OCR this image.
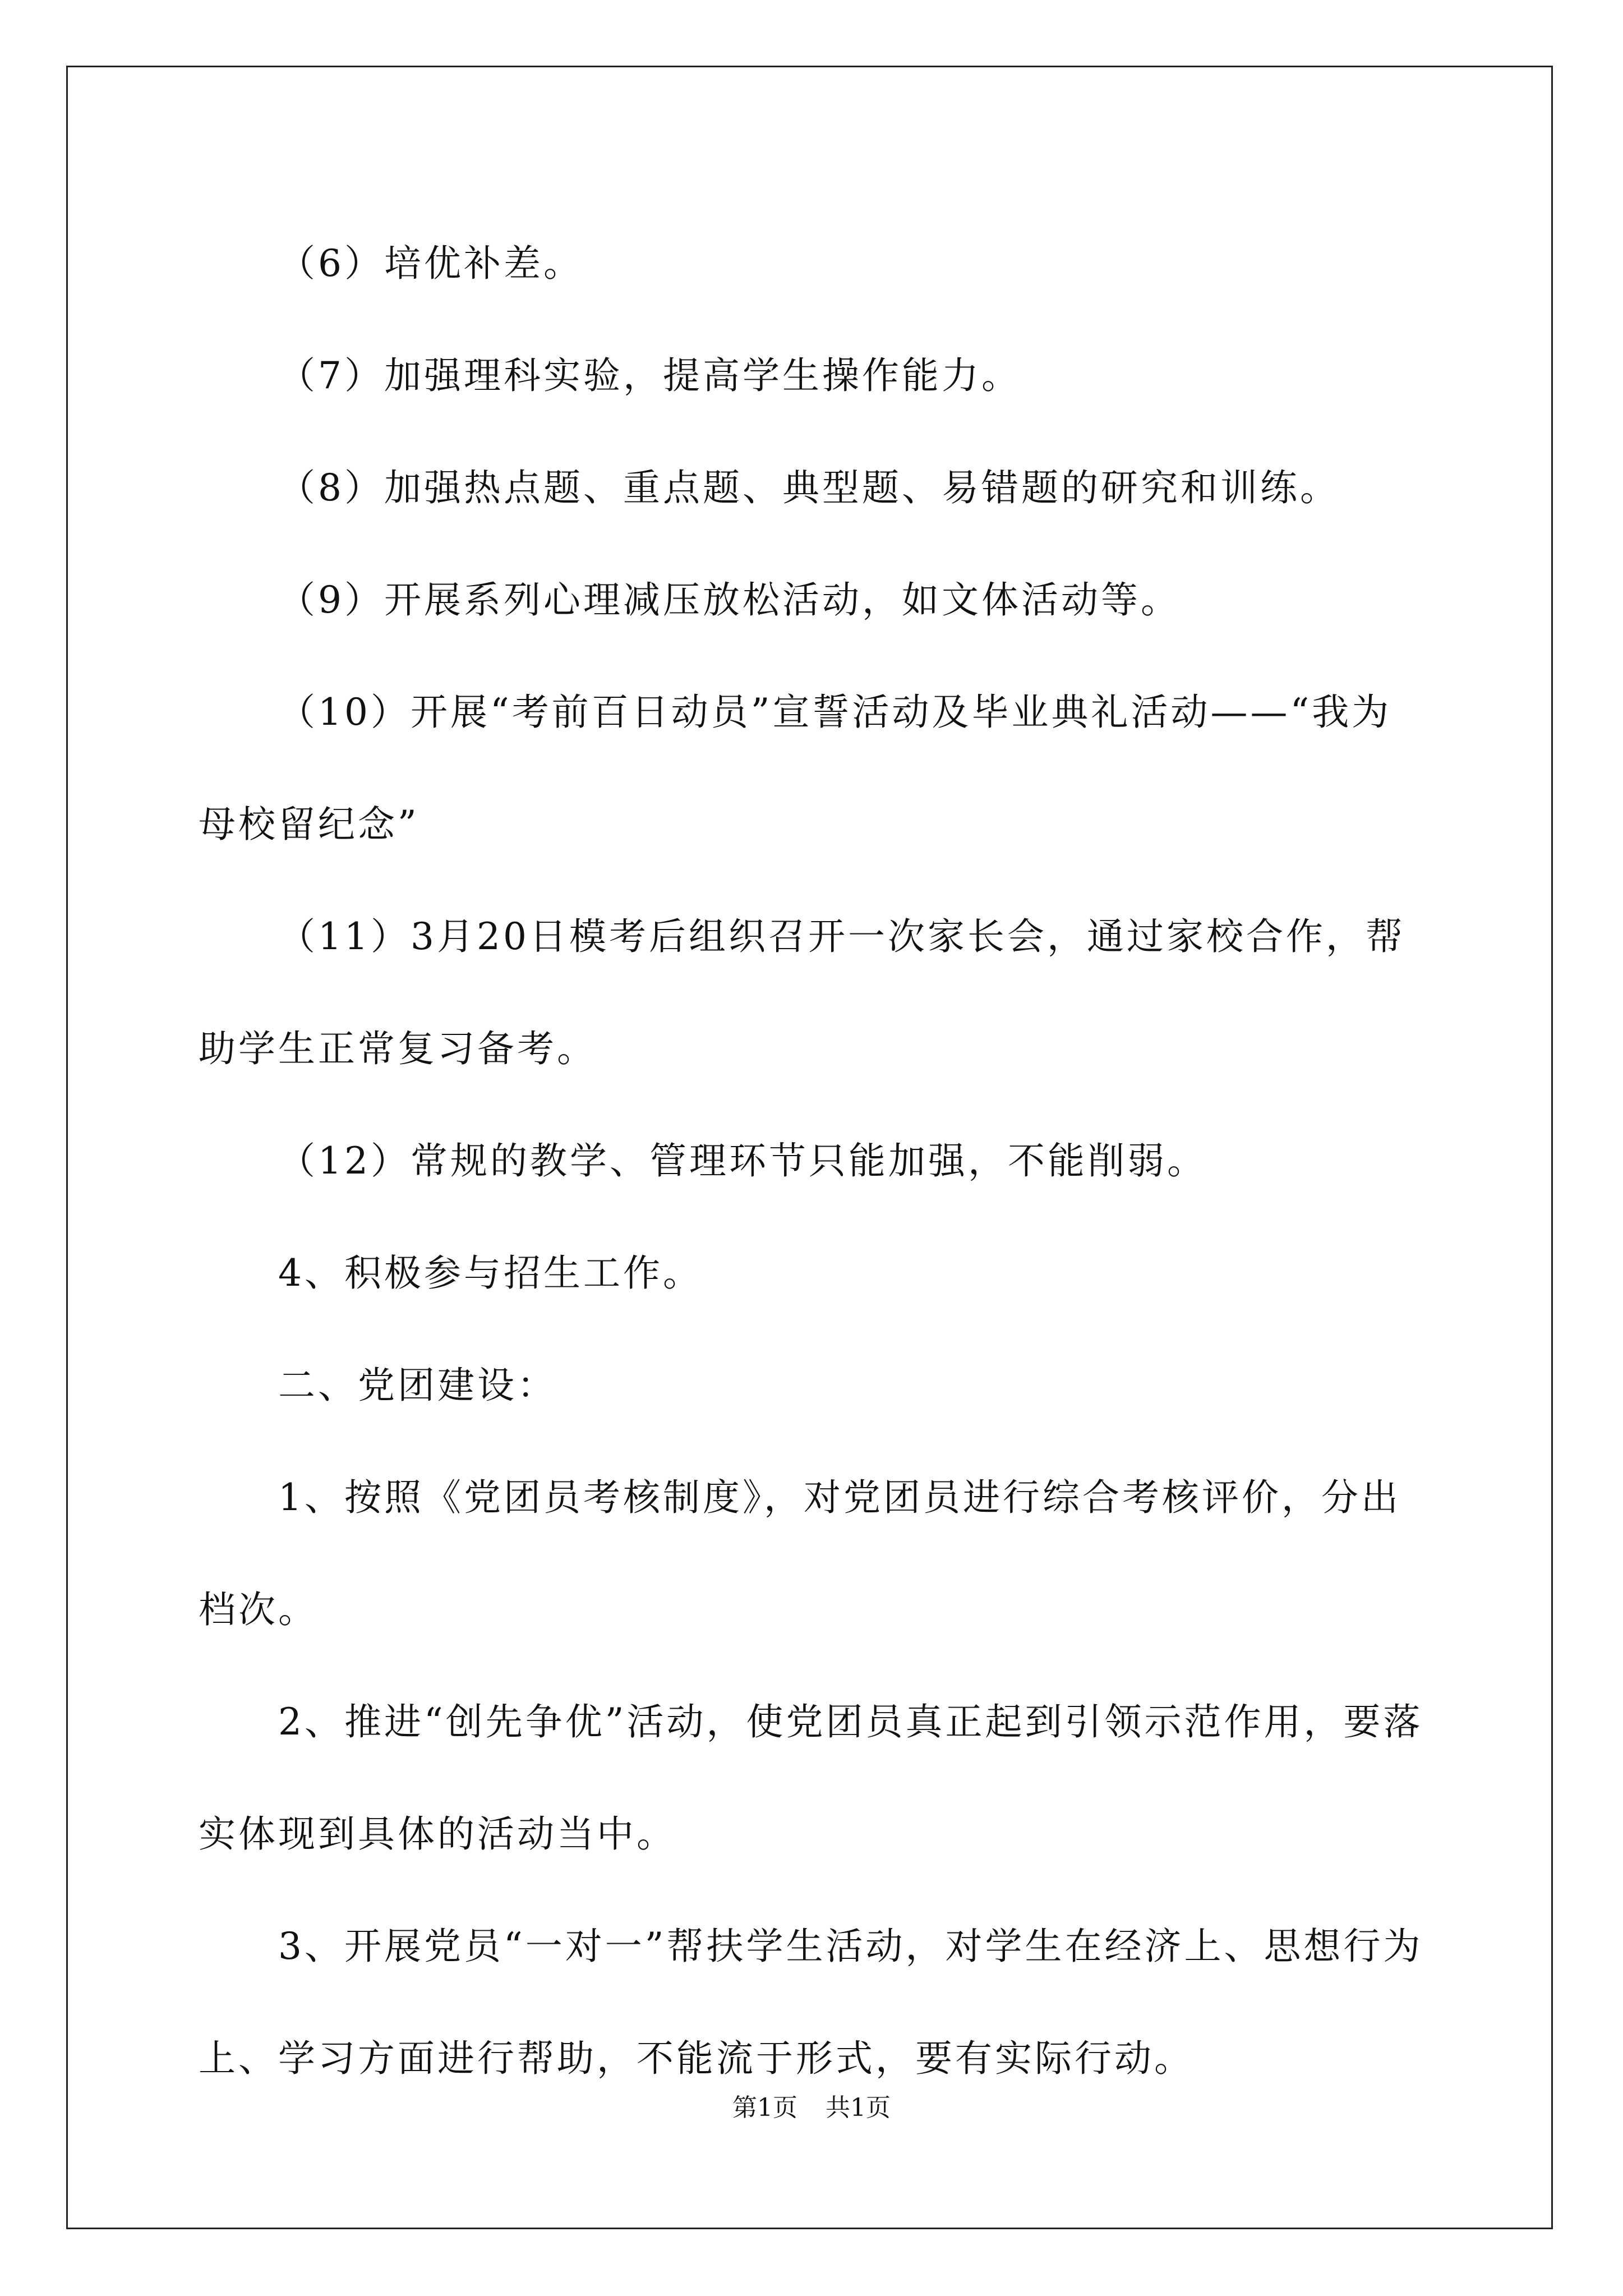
（6）培优补差。

（7）加强理科实验，提高学生操作能力。

（8）加强热点题、重点题、典型题、易错题的研究和训练。

（9）开展系列心理减压放松活动，如文体活动等。

（10）开展“考前百日动员”宣誓活动及毕业典礼活动——“我为母校留纪念”

（11）3月20日模考后组织召开一次家长会，通过家校合作，帮助学生正常复习备考。

（12）常规的教学、管理环节只能加强，不能削弱。

4、积极参与招生工作。

二、党团建设：

1、按照《党团员考核制度》，对党团员进行综合考核评价，分出档次。

2、推进“创先争优”活动，使党团员真正起到引领示范作用，要落实体现到具体的活动当中。

3、开展党员“一对一”帮扶学生活动，对学生在经济上、思想行为上、学习方面进行帮助，不能流于形式，要有实际行动。

第1页 共1页
